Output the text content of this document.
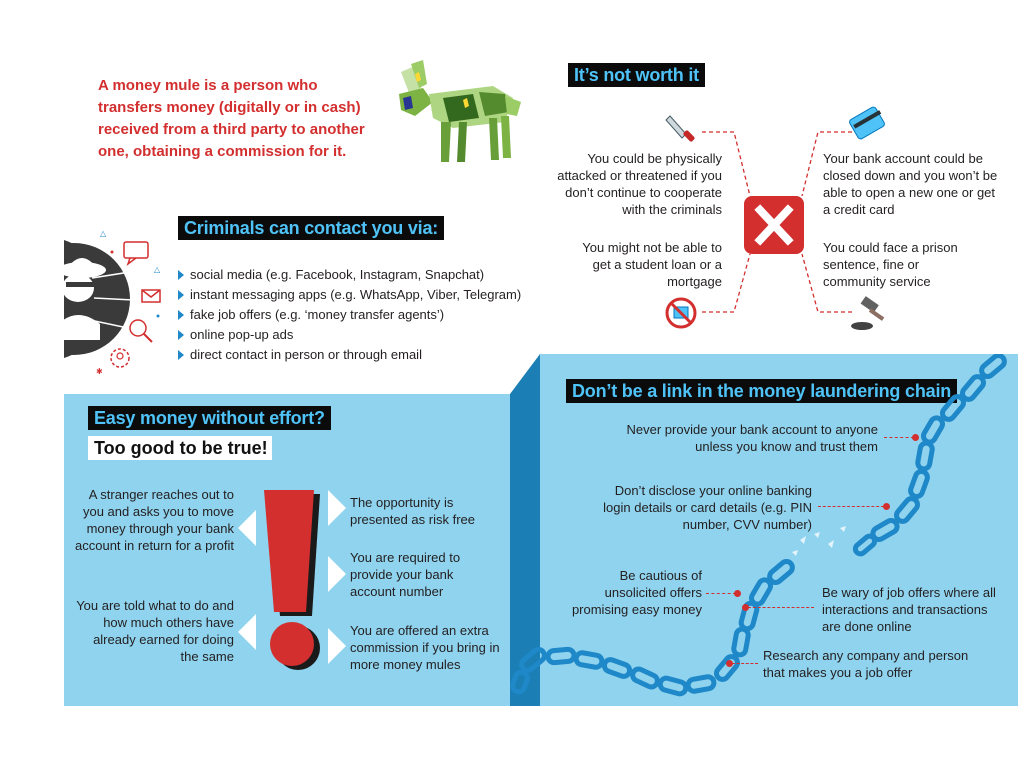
A money mule is a person who transfers money (digitally or in cash) received from a third party to another one, obtaining a commission for it.
Criminals can contact you via:
△
△
✱
social media (e.g. Facebook, Instagram, Snapchat)
instant messaging apps (e.g. WhatsApp, Viber, Telegram)
fake job offers (e.g. ‘money transfer agents’)
online pop-up ads
direct contact in person or through email
It’s not worth it
You could be physically attacked or threatened if you don’t continue to cooperate with the criminals
You might not be able to get a student loan or a mortgage
Your bank account could be closed down and you won’t be able to open a new one or get a credit card
You could face a prison sentence, fine or community service
Easy money without effort?
Too good to be true!
A stranger reaches out to you and asks you to move money through your bank account in return for a profit
You are told what to do and how much others have already earned for doing the same
The opportunity is presented as risk free
You are required to provide your bank account number
You are offered an extra commission if you bring in more money mules
Don’t be a link in the money laundering chain
Never provide your bank account to anyone unless you know and trust them
Don’t disclose your online banking login details or card details (e.g. PIN number, CVV number)
Be cautious of unsolicited offers promising easy money
Be wary of job offers where all interactions and transactions are done online
Research any company and person that makes you a job offer
